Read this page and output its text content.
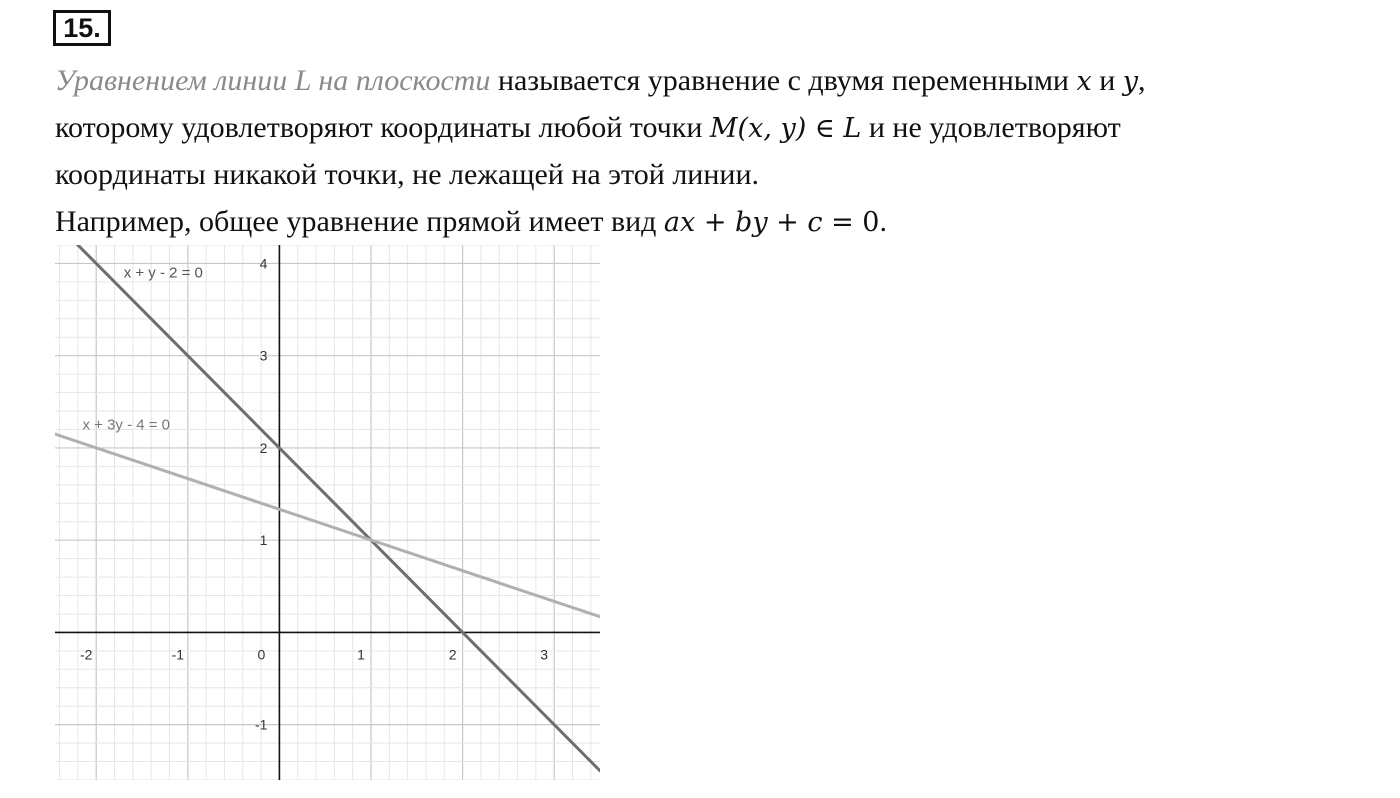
15.
Уравнением линии L на плоскости называется уравнение с двумя переменными x и y,
которому удовлетворяют координаты любой точки M(x, y) ∈ L и не удовлетворяют
координаты никакой точки, не лежащей на этой линии.
Например, общее уравнение прямой имеет вид ax + by + c = 0.
-2	-1	0	1	2	3
-1
1
2
3
4
x + y - 2 = 0
x + 3y - 4 = 0
